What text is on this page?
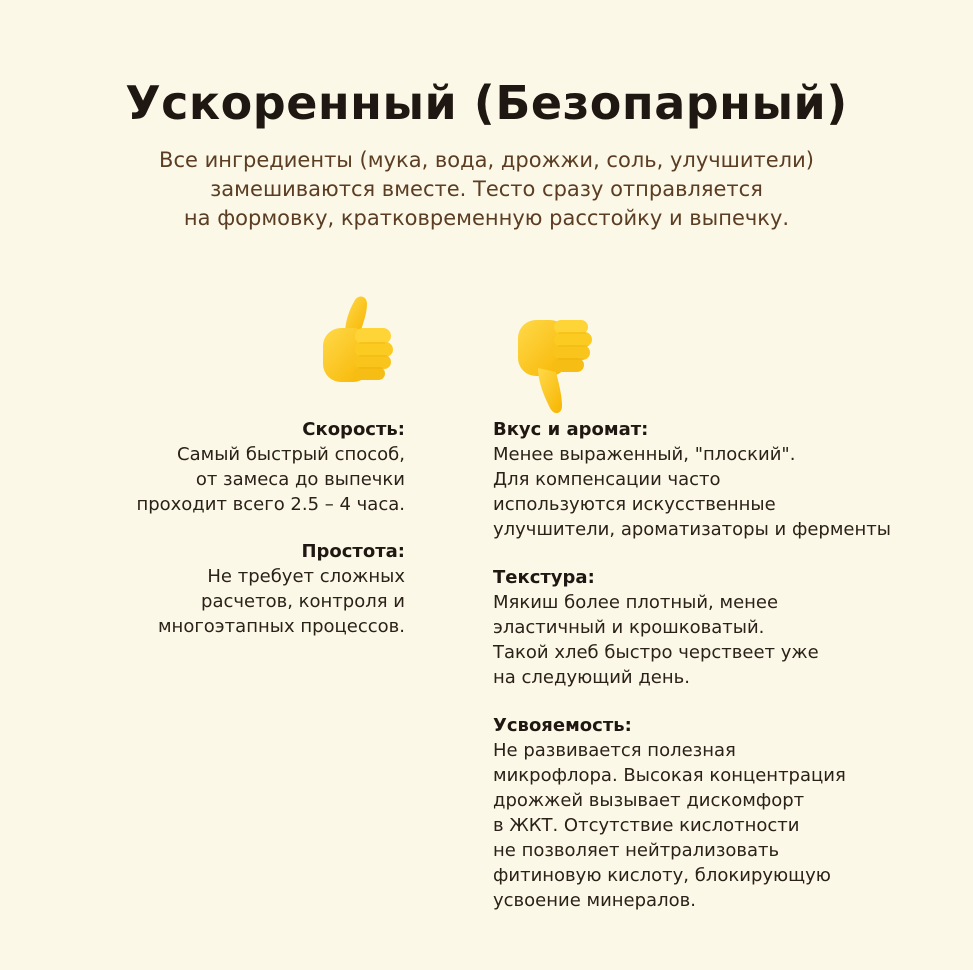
Ускоренный (Безопарный)
Все ингредиенты (мука, вода, дрожжи, соль, улучшители)
замешиваются вместе. Тесто сразу отправляется
на формовку, кратковременную расстойку и выпечку.
Скорость:
Самый быстрый способ,
от замеса до выпечки
проходит всего 2.5 – 4 часа.
Простота:
Не требует сложных
расчетов, контроля и
многоэтапных процессов.
Вкус и аромат:
Менее выраженный, "плоский".
Для компенсации часто
используются искусственные
улучшители, ароматизаторы и ферменты
Текстура:
Мякиш более плотный, менее
эластичный и крошковатый.
Такой хлеб быстро черствеет уже
на следующий день.
Усвояемость:
Не развивается полезная
микрофлора. Высокая концентрация
дрожжей вызывает дискомфорт
в ЖКТ. Отсутствие кислотности
не позволяет нейтрализовать
фитиновую кислоту, блокирующую
усвоение минералов.
